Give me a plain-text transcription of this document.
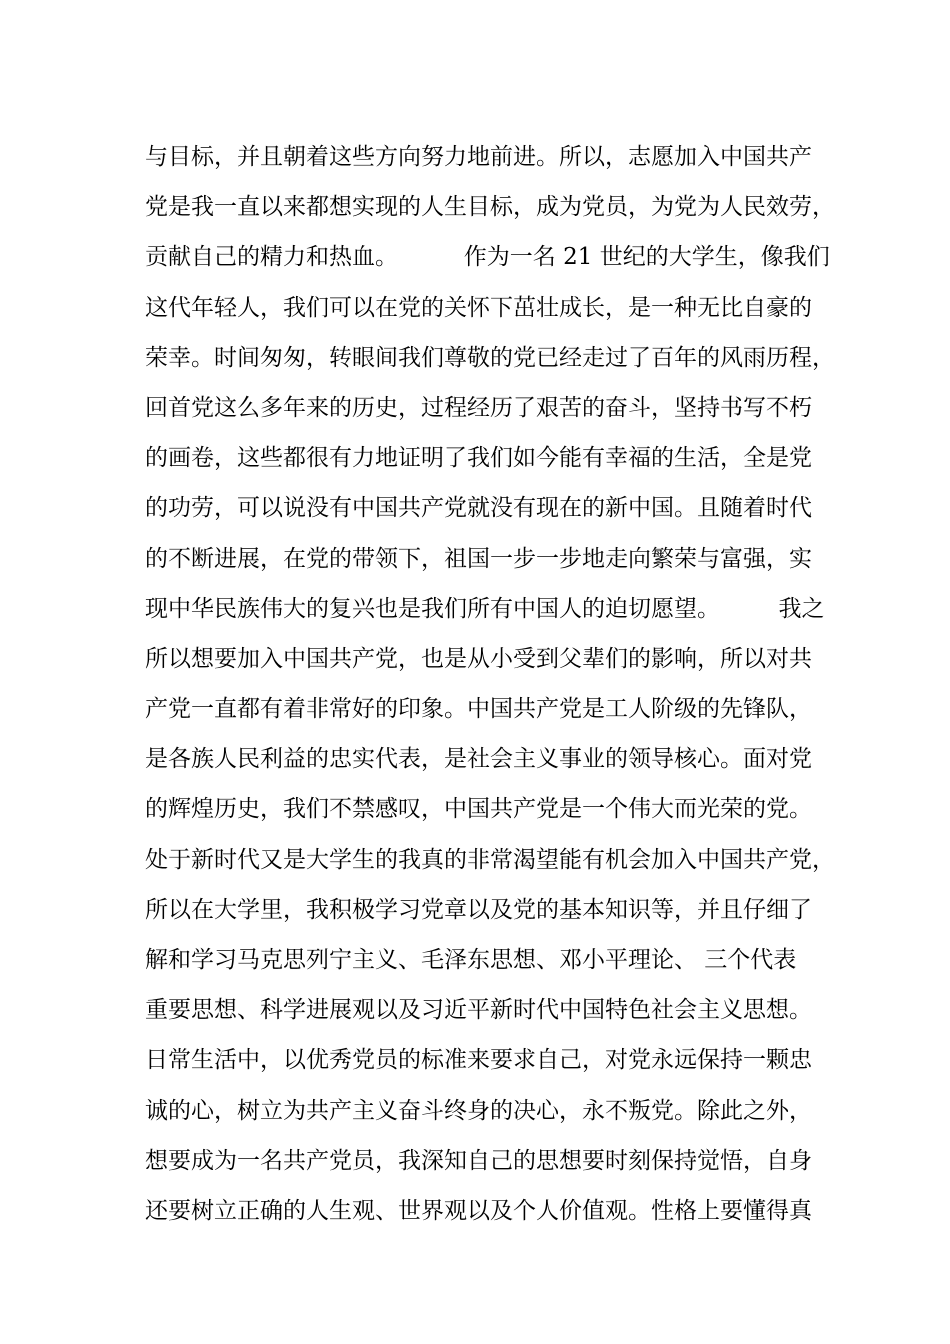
与目标，并且朝着这些方向努力地前进。所以，志愿加入中国共产
党是我一直以来都想实现的人生目标，成为党员，为党为人民效劳，
贡献自己的精力和热血。         作为一名 21 世纪的大学生，像我们
这代年轻人，我们可以在党的关怀下茁壮成长，是一种无比自豪的
荣幸。时间匆匆，转眼间我们尊敬的党已经走过了百年的风雨历程，
回首党这么多年来的历史，过程经历了艰苦的奋斗，坚持书写不朽
的画卷，这些都很有力地证明了我们如今能有幸福的生活，全是党
的功劳，可以说没有中国共产党就没有现在的新中国。且随着时代
的不断进展，在党的带领下，祖国一步一步地走向繁荣与富强，实
现中华民族伟大的复兴也是我们所有中国人的迫切愿望。        我之
所以想要加入中国共产党，也是从小受到父辈们的影响，所以对共
产党一直都有着非常好的印象。中国共产党是工人阶级的先锋队，
是各族人民利益的忠实代表，是社会主义事业的领导核心。面对党
的辉煌历史，我们不禁感叹，中国共产党是一个伟大而光荣的党。
处于新时代又是大学生的我真的非常渴望能有机会加入中国共产党，
所以在大学里，我积极学习党章以及党的基本知识等，并且仔细了
解和学习马克思列宁主义、毛泽东思想、邓小平理论、 三个代表
重要思想、科学进展观以及习近平新时代中国特色社会主义思想。
日常生活中，以优秀党员的标准来要求自己，对党永远保持一颗忠
诚的心，树立为共产主义奋斗终身的决心，永不叛党。除此之外，
想要成为一名共产党员，我深知自己的思想要时刻保持觉悟，自身
还要树立正确的人生观、世界观以及个人价值观。性格上要懂得真
